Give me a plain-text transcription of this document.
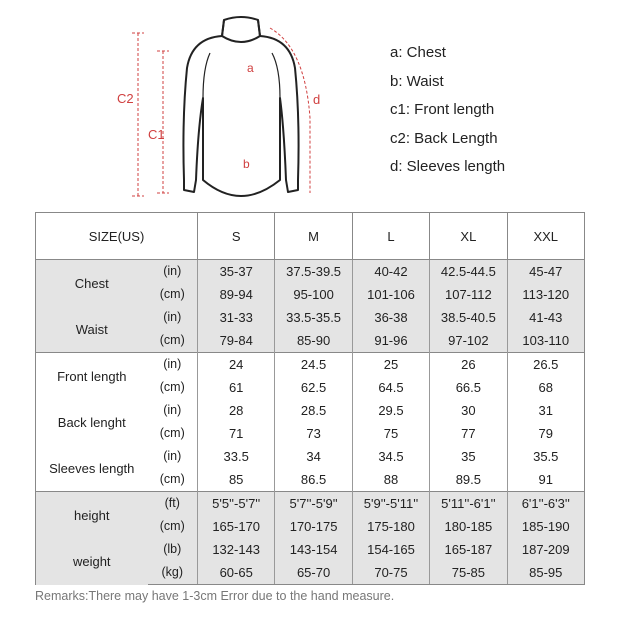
a
b
C1
C2	d
a: Chest
b: Waist
c1: Front length
c2: Back Length
d: Sleeves length
SIZE(US)		S	M	L	XL	XXL
Chest	(in)	35-37	37.5-39.5	40-42	42.5-44.5	45-47
	(cm)	89-94	95-100	101-106	107-112	113-120
Waist	(in)	31-33	33.5-35.5	36-38	38.5-40.5	41-43
	(cm)	79-84	85-90	91-96	97-102	103-110
Front length	(in)	24	24.5	25	26	26.5
	(cm)	61	62.5	64.5	66.5	68
Back lenght	(in)	28	28.5	29.5	30	31
	(cm)	71	73	75	77	79
Sleeves length	(in)	33.5	34	34.5	35	35.5
	(cm)	85	86.5	88	89.5	91
height	(ft)	5'5''-5'7''	5'7''-5'9''	5'9''-5'11''	5'11''-6'1''	6'1''-6'3''
	(cm)	165-170	170-175	175-180	180-185	185-190
weight	(lb)	132-143	143-154	154-165	165-187	187-209
	(kg)	60-65	65-70	70-75	75-85	85-95
Remarks:There may have 1-3cm Error due to the hand measure.
